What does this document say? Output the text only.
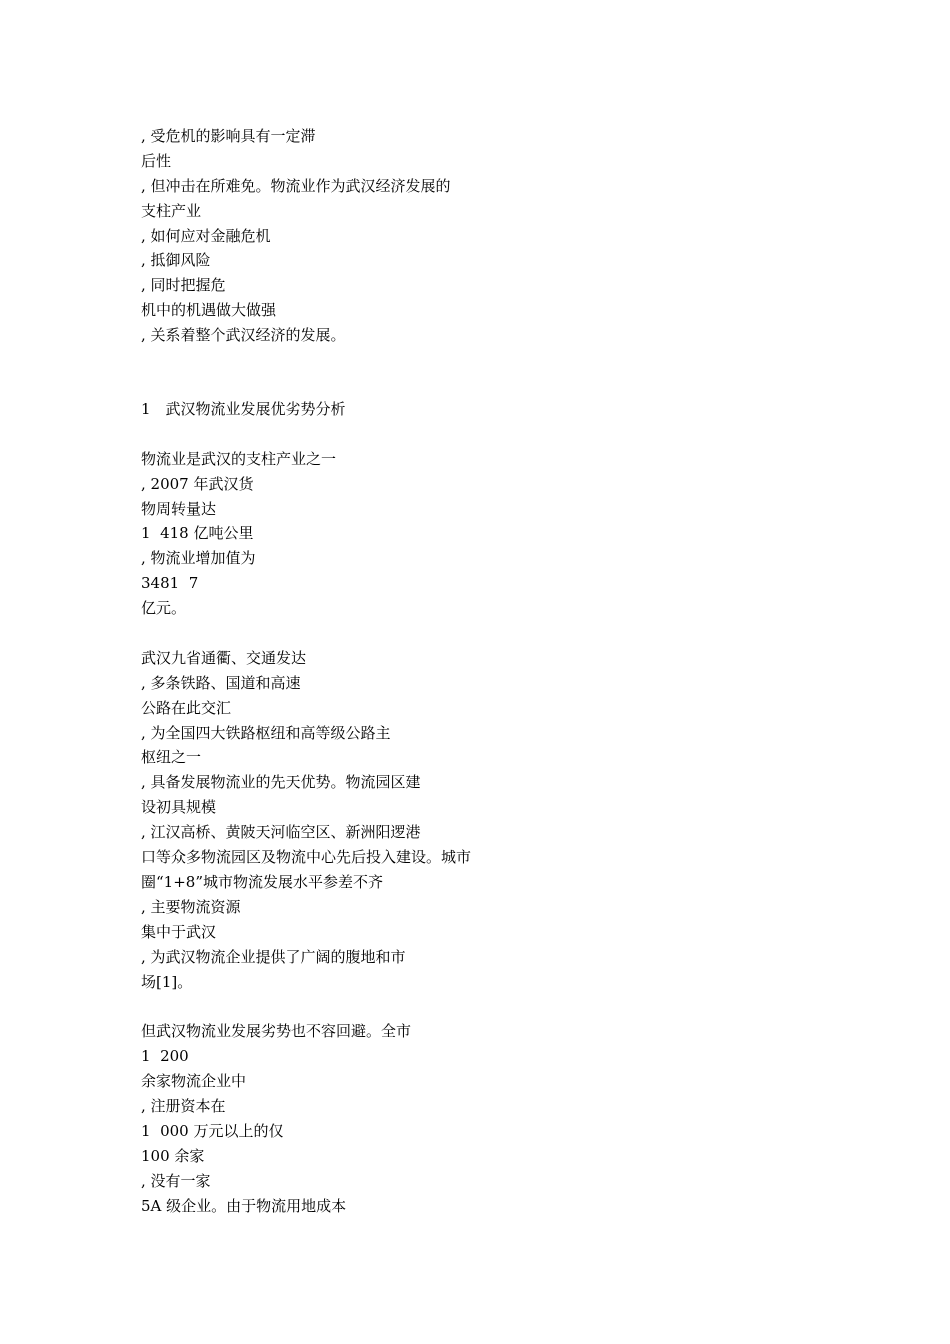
, 受危机的影响具有一定滞
后性
, 但冲击在所难免。物流业作为武汉经济发展的
支柱产业
, 如何应对金融危机
, 抵御风险
, 同时把握危
机中的机遇做大做强
, 关系着整个武汉经济的发展。
1　武汉物流业发展优劣势分析
物流业是武汉的支柱产业之一
, 2007 年武汉货
物周转量达
1  418 亿吨公里
, 物流业增加值为
3481  7
亿元。
武汉九省通衢、交通发达
, 多条铁路、国道和高速
公路在此交汇
, 为全国四大铁路枢纽和高等级公路主
枢纽之一
, 具备发展物流业的先天优势。物流园区建
设初具规模
, 江汉高桥、黄陂天河临空区、新洲阳逻港
口等众多物流园区及物流中心先后投入建设。城市
圈“1+8”城市物流发展水平参差不齐
, 主要物流资源
集中于武汉
, 为武汉物流企业提供了广阔的腹地和市
场[1]。
但武汉物流业发展劣势也不容回避。全市
1  200
余家物流企业中
, 注册资本在
1  000 万元以上的仅
100 余家
, 没有一家
5A 级企业。由于物流用地成本
